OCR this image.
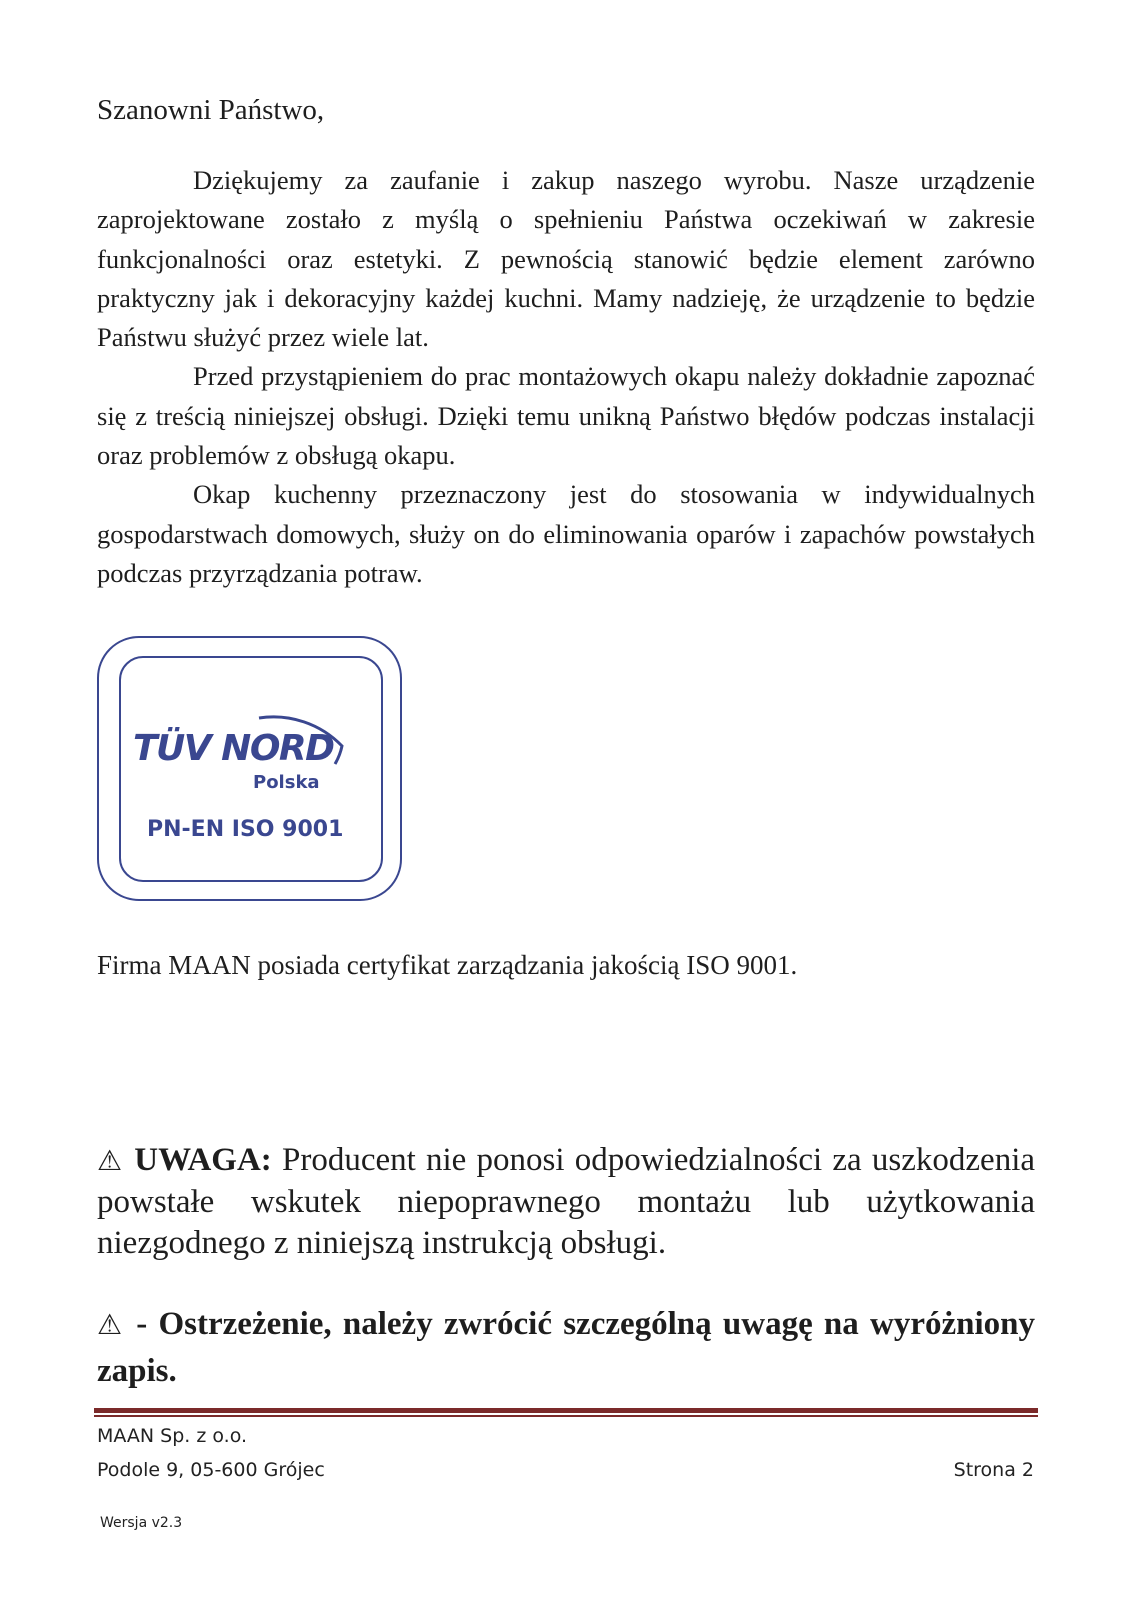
Szanowni Państwo,

Dziękujemy za zaufanie i zakup naszego wyrobu. Nasze urządzenie zaprojektowane zostało z myślą o spełnieniu Państwa oczekiwań w zakresie funkcjonalności oraz estetyki. Z pewnością stanowić będzie element zarówno praktyczny jak i dekoracyjny każdej kuchni. Mamy nadzieję, że urządzenie to będzie Państwu służyć przez wiele lat.

Przed przystąpieniem do prac montażowych okapu należy dokładnie zapoznać się z treścią niniejszej obsługi. Dzięki temu unikną Państwo błędów podczas instalacji oraz problemów z obsługą okapu.

Okap kuchenny przeznaczony jest do stosowania w indywidualnych gospodarstwach domowych, służy on do eliminowania oparów i zapachów powstałych podczas przyrządzania potraw.

TÜV NORD
Polska
PN-EN ISO 9001

Firma MAAN posiada certyfikat zarządzania jakością ISO 9001.

⚠ UWAGA: Producent nie ponosi odpowiedzialności za uszkodzenia powstałe wskutek niepoprawnego montażu lub użytkowania niezgodnego z niniejszą instrukcją obsługi.

⚠ - Ostrzeżenie, należy zwrócić szczególną uwagę na wyróżniony zapis.

MAAN Sp. z o.o.

Podole 9, 05-600 Grójec	Strona 2

Wersja v2.3
